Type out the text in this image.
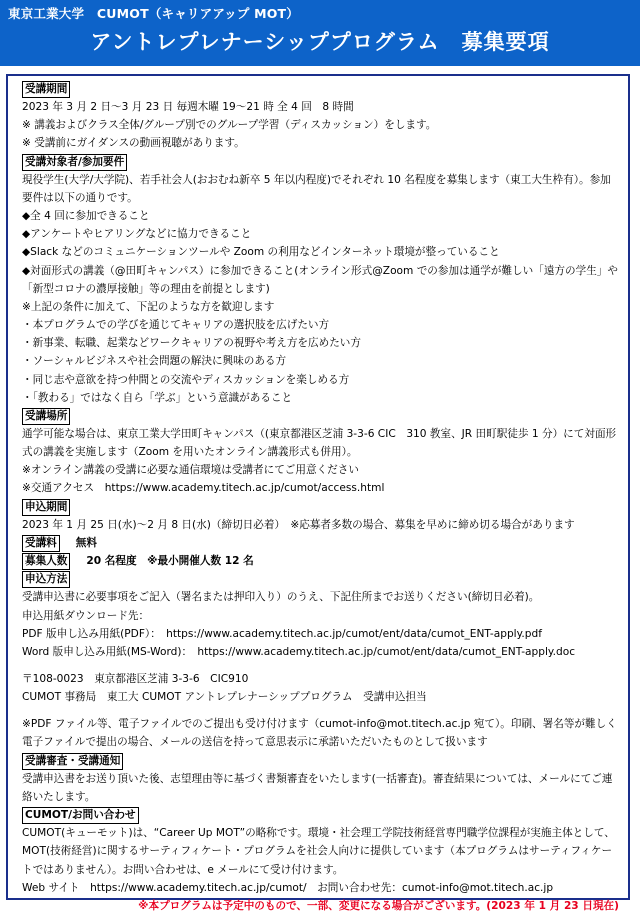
東京工業大学　CUMOT（キャリアアップ MOT）
アントレプレナーシッププログラム　募集要項
受講期間
2023 年 3 月 2 日～3 月 23 日 毎週木曜 19～21 時 全 4 回　8 時間
※ 講義およびクラス全体/グループ別でのグループ学習（ディスカッション）をします。
※ 受講前にガイダンスの動画視聴があります。
受講対象者/参加要件
現役学生(大学/大学院)、若手社会人(おおむね新卒 5 年以内程度)でそれぞれ 10 名程度を募集します（東工大生枠有）。参加要件は以下の通りです。
◆全 4 回に参加できること
◆アンケートやヒアリングなどに協力できること
◆Slack などのコミュニケーションツールや Zoom の利用などインターネット環境が整っていること
◆対面形式の講義（@田町キャンパス）に参加できること(オンライン形式@Zoom での参加は通学が難しい「遠方の学生」や「新型コロナの濃厚接触」等の理由を前提とします)
※上記の条件に加えて、下記のような方を歓迎します
・本プログラムでの学びを通じてキャリアの選択肢を広げたい方
・新事業、転職、起業などワークキャリアの視野や考え方を広めたい方
・ソーシャルビジネスや社会問題の解決に興味のある方
・同じ志や意欲を持つ仲間との交流やディスカッションを楽しめる方
・「教わる」ではなく自ら「学ぶ」という意識があること
受講場所
通学可能な場合は、東京工業大学田町キャンパス（(東京都港区芝浦 3-3-6 CIC　310 教室、JR 田町駅徒歩 1 分）にて対面形式の講義を実施します（Zoom を用いたオンライン講義形式も併用）。
※オンライン講義の受講に必要な通信環境は受講者にてご用意ください
※交通アクセス　https://www.academy.titech.ac.jp/cumot/access.html
申込期間
2023 年 1 月 25 日(水)～2 月 8 日(水)（締切日必着）　※応募者多数の場合、募集を早めに締め切る場合があります
受講料 無料
募集人数 20 名程度　※最小開催人数 12 名
申込方法
受講申込書に必要事項をご記入（署名または押印入り）のうえ、下記住所までお送りください(締切日必着)。
申込用紙ダウンロード先：
PDF 版申し込み用紙(PDF）：　https://www.academy.titech.ac.jp/cumot/ent/data/cumot_ENT-apply.pdf
Word 版申し込み用紙(MS-Word)：　https://www.academy.titech.ac.jp/cumot/ent/data/cumot_ENT-apply.doc
〒108-0023　東京都港区芝浦 3-3-6　CIC910
CUMOT 事務局　東工大 CUMOT アントレプレナーシッププログラム　受講申込担当
※PDF ファイル等、電子ファイルでのご提出も受け付けます（cumot-info@mot.titech.ac.jp 宛て）。印刷、署名等が難しく電子ファイルで提出の場合、メールの送信を持って意思表示に承諾いただいたものとして扱います
受講審査・受講通知
受講申込書をお送り頂いた後、志望理由等に基づく書類審査をいたします(一括審査)。審査結果については、メールにてご連絡いたします。
CUMOT/お問い合わせ
CUMOT(キューモット)は、“Career Up MOT”の略称です。環境・社会理工学院技術経営専門職学位課程が実施主体として、MOT(技術経営)に関するサーティフィケート・プログラムを社会人向けに提供しています（本プログラムはサーティフィケートではありません）。お問い合わせは、e メールにて受け付けます。
Web サイト　https://www.academy.titech.ac.jp/cumot/　お問い合わせ先：cumot-info@mot.titech.ac.jp
※本プログラムは予定中のもので、一部、変更になる場合がございます。(2023 年 1 月 23 日現在)
